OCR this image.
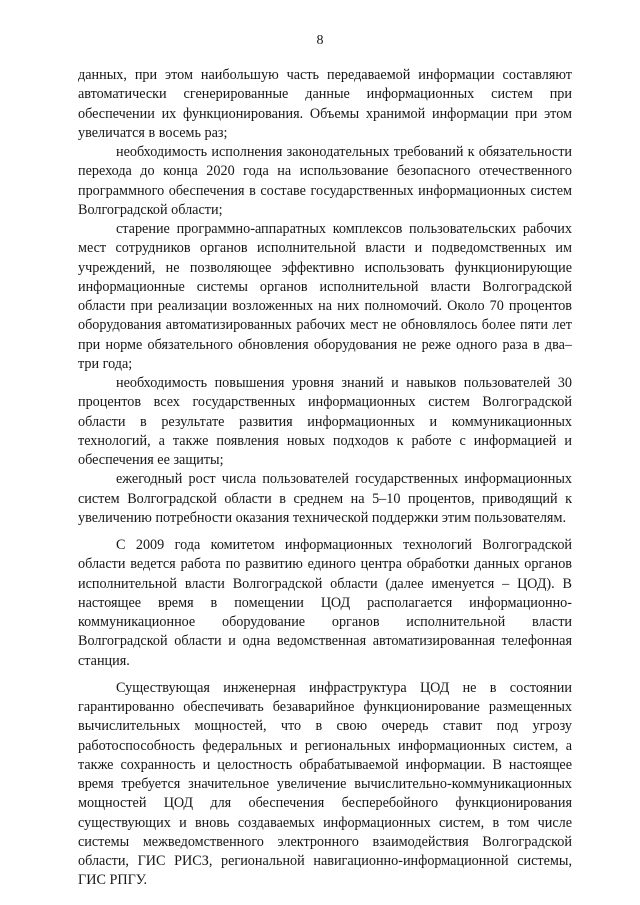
8

данных, при этом наибольшую часть передаваемой информации составляют автоматически сгенерированные данные информационных систем при обеспечении их функционирования. Объемы хранимой информации при этом увеличатся в восемь раз;

необходимость исполнения законодательных требований к обязательности перехода до конца 2020 года на использование безопасного отечественного программного обеспечения в составе государственных информационных систем Волгоградской области;

старение программно-аппаратных комплексов пользовательских рабочих мест сотрудников органов исполнительной власти и подведомственных им учреждений, не позволяющее эффективно использовать функционирующие информационные системы органов исполнительной власти Волгоградской области при реализации возложенных на них полномочий. Около 70 процентов оборудования автоматизированных рабочих мест не обновлялось более пяти лет при норме обязательного обновления оборудования не реже одного раза в два–три года;

необходимость повышения уровня знаний и навыков пользователей 30 процентов всех государственных информационных систем Волгоградской области в результате развития информационных и коммуникационных технологий, а также появления новых подходов к работе с информацией и обеспечения ее защиты;

ежегодный рост числа пользователей государственных информационных систем Волгоградской области в среднем на 5–10 процентов, приводящий к увеличению потребности оказания технической поддержки этим пользователям.

С 2009 года комитетом информационных технологий Волгоградской области ведется работа по развитию единого центра обработки данных органов исполнительной власти Волгоградской области (далее именуется – ЦОД). В настоящее время в помещении ЦОД располагается информационно-коммуникационное оборудование органов исполнительной власти Волгоградской области и одна ведомственная автоматизированная телефонная станция.

Существующая инженерная инфраструктура ЦОД не в состоянии гарантированно обеспечивать безаварийное функционирование размещенных вычислительных мощностей, что в свою очередь ставит под угрозу работоспособность федеральных и региональных информационных систем, а также сохранность и целостность обрабатываемой информации. В настоящее время требуется значительное увеличение вычислительно-коммуникационных мощностей ЦОД для обеспечения бесперебойного функционирования существующих и вновь создаваемых информационных систем, в том числе системы межведомственного электронного взаимодействия Волгоградской области, ГИС РИСЗ, региональной навигационно-информационной системы, ГИС РПГУ.
